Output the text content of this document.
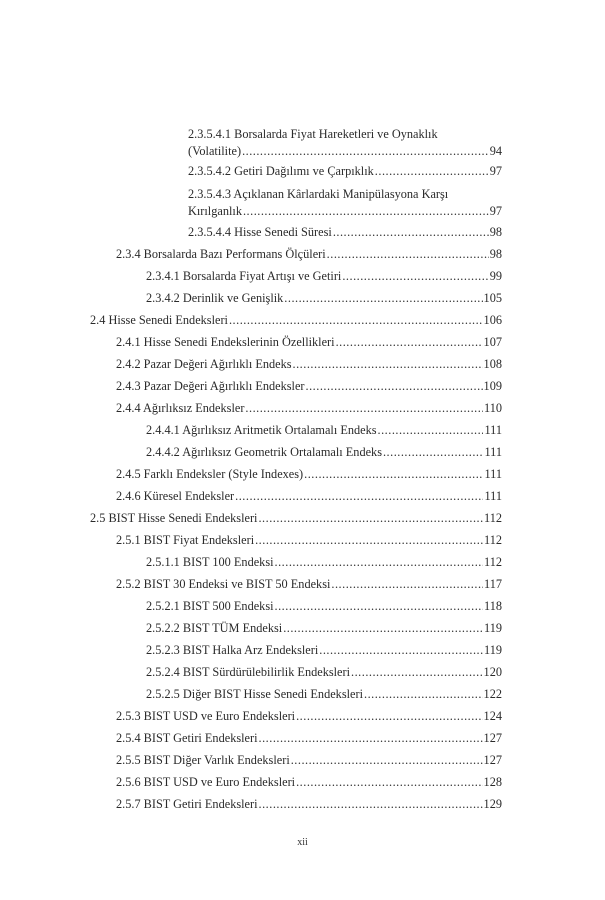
2.3.5.4.1 Borsalarda Fiyat Hareketleri ve Oynaklık
(Volatilite) .....	94
2.3.5.4.2 Getiri Dağılımı ve Çarpıklık .....	97
2.3.5.4.3 Açıklanan Kârlardaki Manipülasyona Karşı
Kırılganlık .....	97
2.3.5.4.4 Hisse Senedi Süresi .....	98
2.3.4 Borsalarda Bazı Performans Ölçüleri .....	98
2.3.4.1 Borsalarda Fiyat Artışı ve Getiri .....	99
2.3.4.2 Derinlik ve Genişlik .....	105
2.4 Hisse Senedi Endeksleri .....	106
2.4.1 Hisse Senedi Endekslerinin Özellikleri .....	107
2.4.2 Pazar Değeri Ağırlıklı Endeks .....	108
2.4.3 Pazar Değeri Ağırlıklı Endeksler .....	109
2.4.4 Ağırlıksız Endeksler .....	110
2.4.4.1 Ağırlıksız Aritmetik Ortalamalı Endeks .....	111
2.4.4.2 Ağırlıksız Geometrik Ortalamalı Endeks .....	111
2.4.5 Farklı Endeksler (Style Indexes) .....	111
2.4.6 Küresel Endeksler .....	111
2.5 BIST Hisse Senedi Endeksleri .....	112
2.5.1 BIST Fiyat Endeksleri .....	112
2.5.1.1 BIST 100 Endeksi .....	112
2.5.2 BIST 30 Endeksi ve BIST 50 Endeksi .....	117
2.5.2.1 BIST 500 Endeksi .....	118
2.5.2.2 BIST TÜM Endeksi .....	119
2.5.2.3 BIST Halka Arz Endeksleri .....	119
2.5.2.4 BIST Sürdürülebilirlik Endeksleri .....	120
2.5.2.5 Diğer BIST Hisse Senedi Endeksleri .....	122
2.5.3 BIST USD ve Euro Endeksleri .....	124
2.5.4 BIST Getiri Endeksleri .....	127
2.5.5 BIST Diğer Varlık Endeksleri .....	127
2.5.6 BIST USD ve Euro Endeksleri .....	128
2.5.7 BIST Getiri Endeksleri .....	129
xii
